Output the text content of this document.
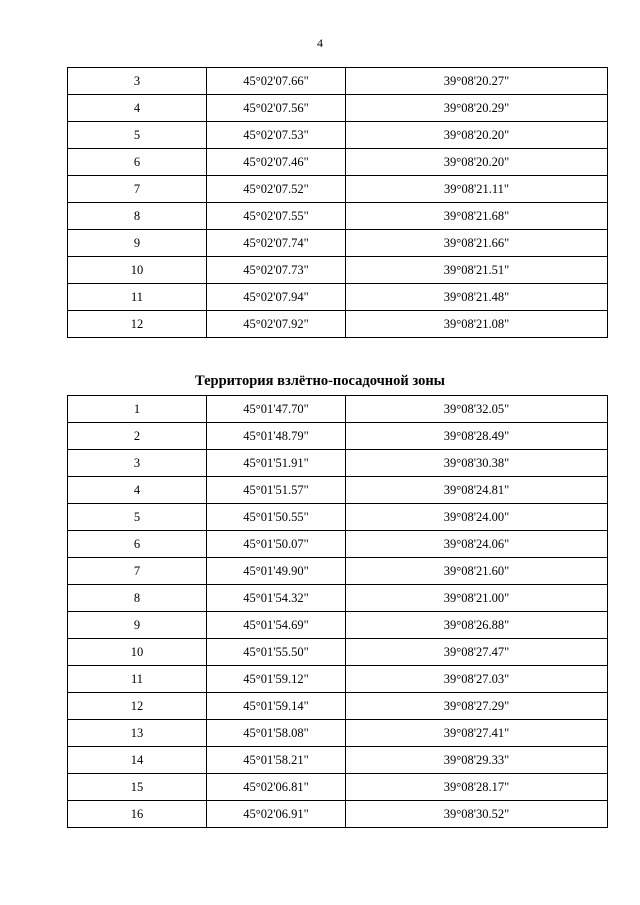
4
3	45°02'07.66"	39°08'20.27"
4	45°02'07.56"	39°08'20.29"
5	45°02'07.53"	39°08'20.20"
6	45°02'07.46"	39°08'20.20"
7	45°02'07.52"	39°08'21.11"
8	45°02'07.55"	39°08'21.68"
9	45°02'07.74"	39°08'21.66"
10	45°02'07.73"	39°08'21.51"
11	45°02'07.94"	39°08'21.48"
12	45°02'07.92"	39°08'21.08"
Территория взлётно-посадочной зоны
1	45°01'47.70"	39°08'32.05"
2	45°01'48.79"	39°08'28.49"
3	45°01'51.91"	39°08'30.38"
4	45°01'51.57"	39°08'24.81"
5	45°01'50.55"	39°08'24.00"
6	45°01'50.07"	39°08'24.06"
7	45°01'49.90"	39°08'21.60"
8	45°01'54.32"	39°08'21.00"
9	45°01'54.69"	39°08'26.88"
10	45°01'55.50"	39°08'27.47"
11	45°01'59.12"	39°08'27.03"
12	45°01'59.14"	39°08'27.29"
13	45°01'58.08"	39°08'27.41"
14	45°01'58.21"	39°08'29.33"
15	45°02'06.81"	39°08'28.17"
16	45°02'06.91"	39°08'30.52"
